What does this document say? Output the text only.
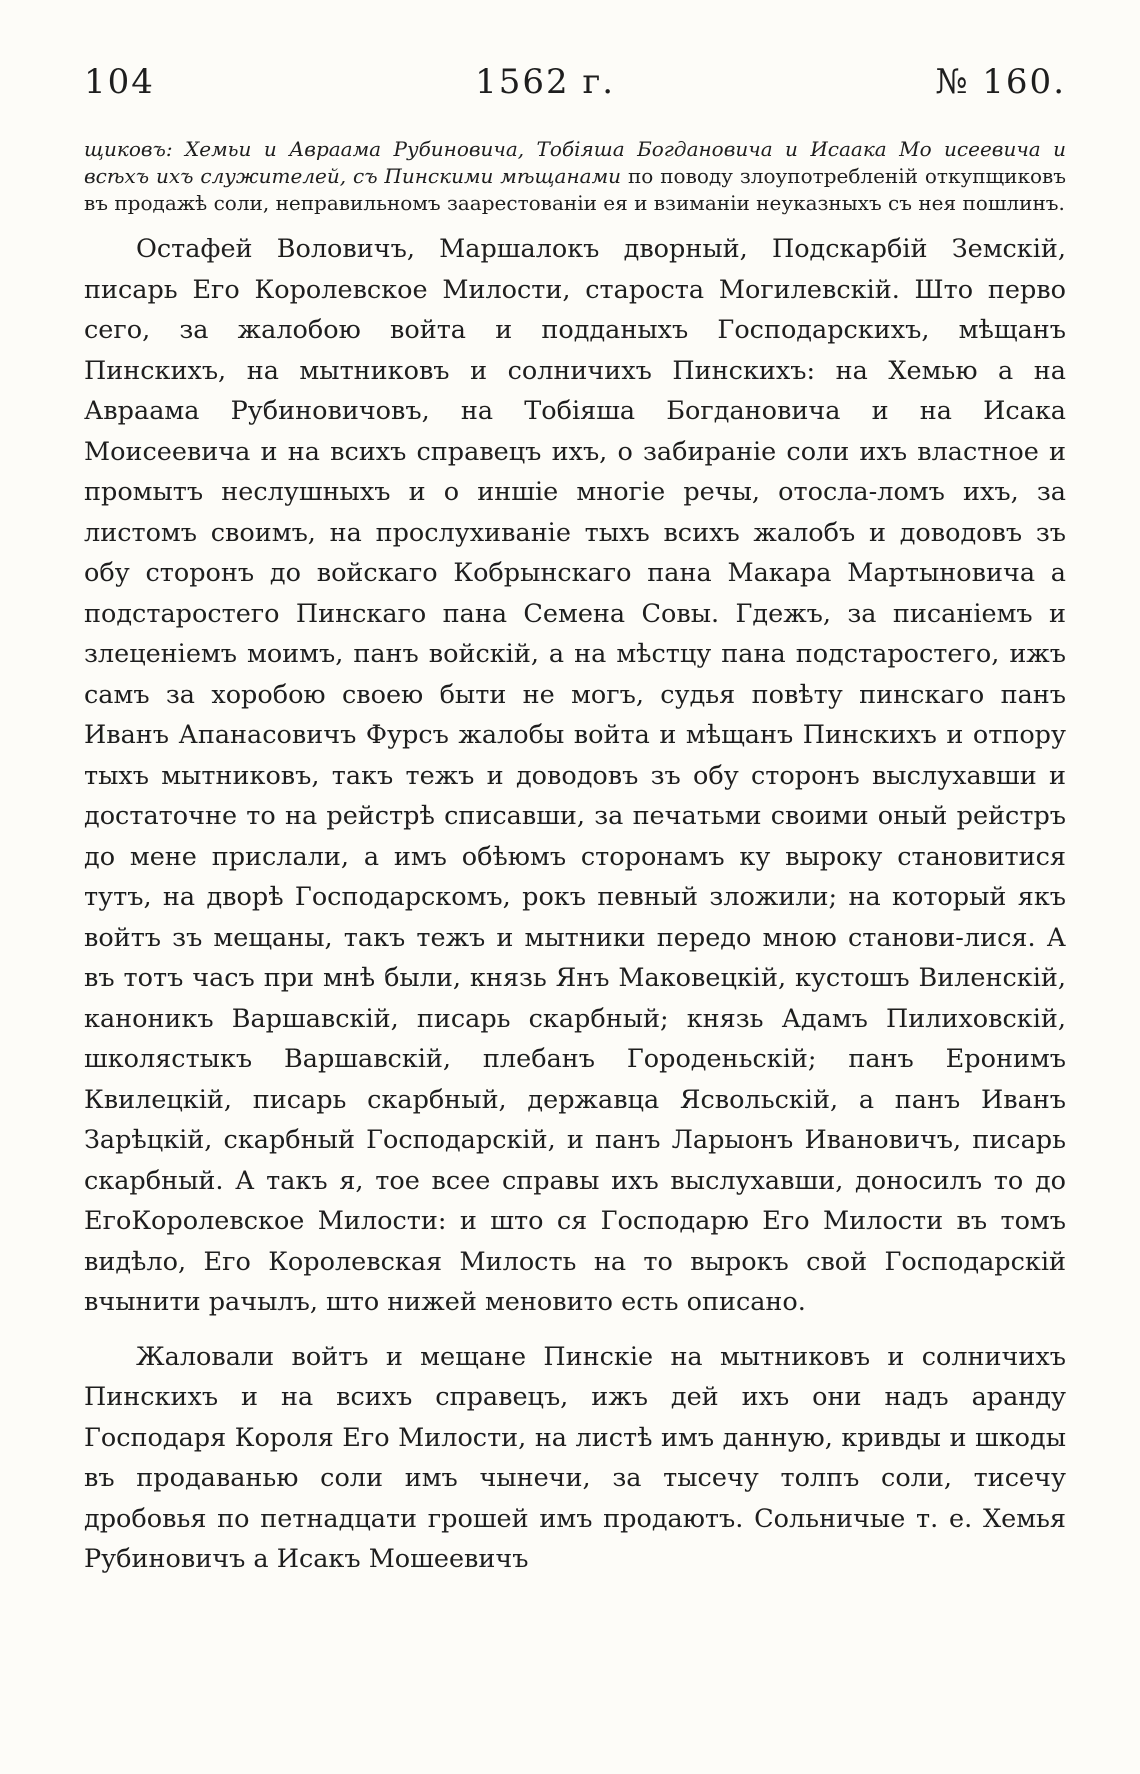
104	1562 г.	№ 160.
щиковъ: Хемьи и Авраама Рубиновича, Тобіяша Богдановича и Исаака Мо исеевича и всѣхъ ихъ служителей, съ Пинскими мѣщанами по поводу злоупотребленій откупщиковъ въ продажѣ соли, неправильномъ заарестованіи ея и взиманіи неуказныхъ съ нея пошлинъ.

Остафей Воловичъ, Маршалокъ дворный, Подскарбій Земскій, писарь Его Королевское Милости, староста Могилевскій. Што перво сего, за жалобою войта и подданыхъ Господарскихъ, мѣщанъ Пинскихъ, на мытниковъ и солничихъ Пинскихъ: на Хемью а на Авраама Рубиновичовъ, на Тобіяша Богдановича и на Исака Моисеевича и на всихъ справецъ ихъ, о забираніе соли ихъ властное и промытъ неслушныхъ и о иншіе многіе речы, отосла-ломъ ихъ, за листомъ своимъ, на прослухиваніе тыхъ всихъ жалобъ и доводовъ зъ обу сторонъ до войскаго Кобрынскаго пана Макара Мартыновича а подстаростегo Пинскаго пана Семена Совы. Гдежъ, за писаніемъ и злеценіемъ моимъ, панъ войскій, а на мѣстцу пана подстаростего, ижъ самъ за хоробою своею быти не могъ, судья повѣту пинскаго панъ Иванъ Апанасовичъ Фурсъ жалобы войта и мѣщанъ Пинскихъ и отпору тыхъ мытниковъ, такъ тежъ и доводовъ зъ обу сторонъ выслухавши и достаточне то на рейстрѣ списавши, за печатьми своими оный рейстръ до мене прислали, а имъ обѣюмъ сторонамъ ку выроку становитися тутъ, на дворѣ Господарскомъ, рокъ певный зложили; на который якъ войтъ зъ мещаны, такъ тежъ и мытники передо мною станови-лися. А въ тотъ часъ при мнѣ были, князь Янъ Маковецкій, кустошъ Виленскій, каноникъ Варшавскій, писарь скарбный; князь Адамъ Пилиховскій, школястыкъ Варшавскій, плебанъ Городеньскій; панъ Еронимъ Квилецкій, писарь скарбный, державца Ясвольскій, а панъ Иванъ Зарѣцкій, скарбный Господарскій, и панъ Ларыонъ Ивановичъ, писарь скарбный. А такъ я, тое всее справы ихъ выслухавши, доносилъ то до ЕгоКоролевское Милости: и што ся Господарю Его Милости въ томъ видѣло, Его Королевская Милость на то вырокъ свой Господарскій вчынити рачылъ, што нижей меновито есть описано.

Жаловали войтъ и мещане Пинскіе на мытниковъ и солничихъ Пинскихъ и на всихъ справецъ, ижъ дей ихъ они надъ аранду Господаря Короля Его Милости, на листѣ имъ данную, кривды и шкоды въ продаванью соли имъ чынечи, за тысечу толпъ соли, тисечу дробовья по петнадцати грошей имъ продаютъ. Сольничые т. е. Хемья Рубиновичъ а Исакъ Мошеевичъ
